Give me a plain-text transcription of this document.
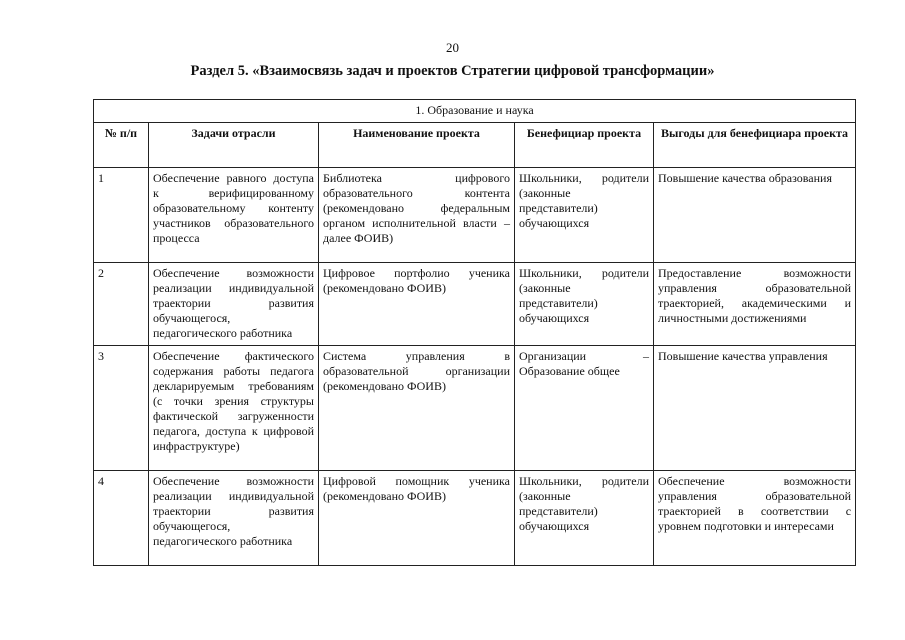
20
Раздел 5. «Взаимосвязь задач и проектов Стратегии цифровой трансформации»
1. Образование и наука				
№ п/п	Задачи отрасли	Наименование проекта	Бенефициар проекта	Выгоды для бенефициара проекта
1	Обеспечение равного доступа к верифицированному образовательному контенту участников образовательного процесса	Библиотека цифрового образовательного контента (рекомендовано федеральным органом исполнительной власти – далее ФОИВ)	Школьники, родители (законные представители) обучающихся	Повышение качества образования
2	Обеспечение возможности реализации индивидуальной траектории развития обучающегося, педагогического работника	Цифровое портфолио ученика (рекомендовано ФОИВ)	Школьники, родители (законные представители) обучающихся	Предоставление возможности управления образовательной траекторией, академическими и личностными достижениями
3	Обеспечение фактического содержания работы педагога декларируемым требованиям (с точки зрения структуры фактической загруженности педагога, доступа к цифровой инфраструктуре)	Система управления в образовательной организации (рекомендовано ФОИВ)	Организации – Образование общее	Повышение качества управления
4	Обеспечение возможности реализации индивидуальной траектории развития обучающегося, педагогического работника	Цифровой помощник ученика (рекомендовано ФОИВ)	Школьники, родители (законные представители) обучающихся	Обеспечение возможности управления образовательной траекторией в соответствии с уровнем подготовки и интересами
